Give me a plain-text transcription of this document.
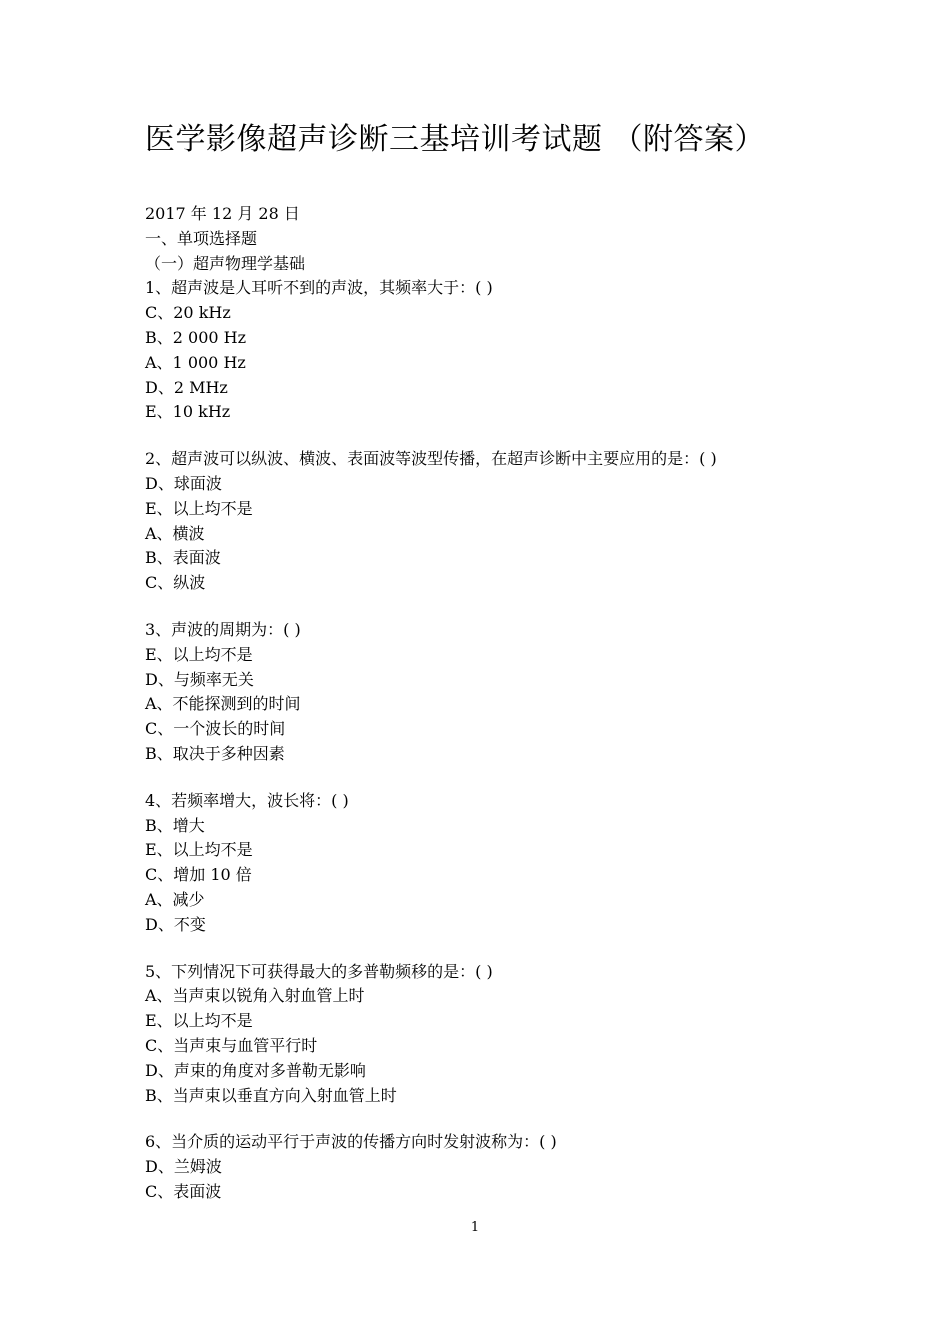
医学影像超声诊断三基培训考试题 （附答案）
2017 年 12 月 28 日
一、单项选择题
（一）超声物理学基础
1、超声波是人耳听不到的声波，其频率大于：( )
C、20 kHz
B、2 000 Hz
A、1 000 Hz
D、2 MHz
E、10 kHz
2、超声波可以纵波、横波、表面波等波型传播，在超声诊断中主要应用的是：( )
D、球面波
E、以上均不是
A、横波
B、表面波
C、纵波
3、声波的周期为：( )
E、以上均不是
D、与频率无关
A、不能探测到的时间
C、一个波长的时间
B、取决于多种因素
4、若频率增大，波长将：( )
B、增大
E、以上均不是
C、增加 10 倍
A、减少
D、不变
5、下列情况下可获得最大的多普勒频移的是：( )
A、当声束以锐角入射血管上时
E、以上均不是
C、当声束与血管平行时
D、声束的角度对多普勒无影响
B、当声束以垂直方向入射血管上时
6、当介质的运动平行于声波的传播方向时发射波称为：( )
D、兰姆波
C、表面波
1
